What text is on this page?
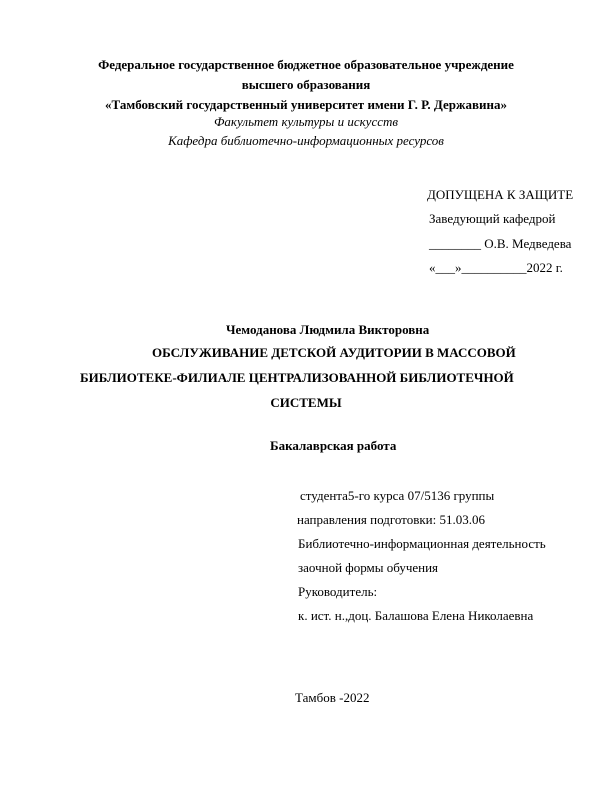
Федеральное государственное бюджетное образовательное учреждение
высшего образования
«Тамбовский государственный университет имени Г. Р. Державина»
Факультет культуры и искусств
Кафедра библиотечно-информационных ресурсов
ДОПУЩЕНА К ЗАЩИТЕ
Заведующий кафедрой
________ О.В. Медведева
«___»__________2022 г.
Чемоданова Людмила Викторовна
ОБСЛУЖИВАНИЕ ДЕТСКОЙ АУДИТОРИИ В МАССОВОЙ
БИБЛИОТЕКЕ-ФИЛИАЛЕ ЦЕНТРАЛИЗОВАННОЙ БИБЛИОТЕЧНОЙ
СИСТЕМЫ
Бакалаврская работа
студента5-го курса 07/5136 группы
направления подготовки: 51.03.06
Библиотечно-информационная деятельность
заочной формы обучения
Руководитель:
к. ист. н.,доц. Балашова Елена Николаевна
Тамбов -2022
